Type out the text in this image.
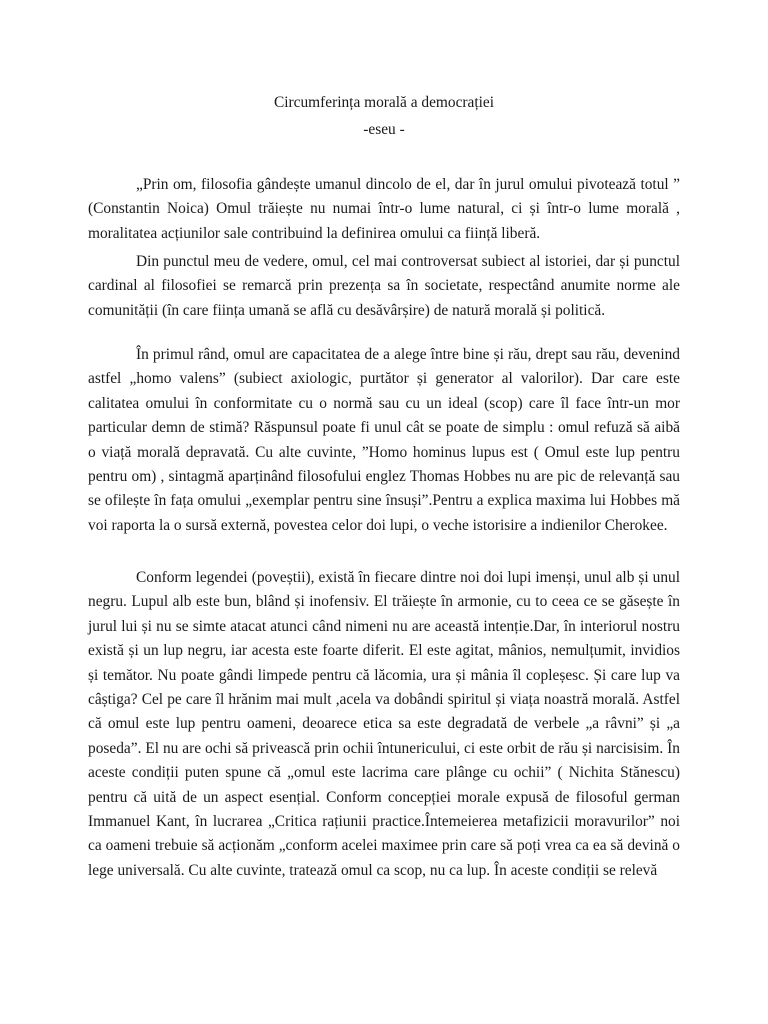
Circumferința morală a democrației
-eseu -

„Prin om, filosofia gândește umanul dincolo de el, dar în jurul omului pivotează totul ” (Constantin Noica) Omul trăiește nu numai într-o lume natural, ci și într-o lume morală , moralitatea acțiunilor sale contribuind la definirea omului ca ființă liberă.

Din punctul meu de vedere, omul, cel mai controversat subiect al istoriei, dar și punctul cardinal al filosofiei se remarcă prin prezența sa în societate, respectând anumite norme ale comunității (în care ființa umană se află cu desăvârșire) de natură morală și politică.

În primul rând, omul are capacitatea de a alege între bine și rău, drept sau rău, devenind astfel „homo valens” (subiect axiologic, purtător și generator al valorilor). Dar care este calitatea omului în conformitate cu o normă sau cu un ideal (scop) care îl face într-un mor particular demn de stimă? Răspunsul poate fi unul cât se poate de simplu : omul refuză să aibă o viață morală depravată. Cu alte cuvinte, ”Homo hominus lupus est ( Omul este lup pentru pentru om) , sintagmă aparținând filosofului englez Thomas Hobbes nu are pic de relevanță sau se ofilește în fața omului „exemplar pentru sine însuși”.Pentru a explica maxima lui Hobbes mă voi raporta la o sursă externă, povestea celor doi lupi, o veche istorisire a indienilor Cherokee.

Conform legendei (poveștii), există în fiecare dintre noi doi lupi imenși, unul alb și unul negru. Lupul alb este bun, blând și inofensiv. El trăiește în armonie, cu to ceea ce se găsește în jurul lui și nu se simte atacat atunci când nimeni nu are această intenție.Dar, în interiorul nostru există și un lup negru, iar acesta este foarte diferit. El este agitat, mânios, nemulțumit, invidios și temător. Nu poate gândi limpede pentru că lăcomia, ura și mânia îl copleșesc. Și care lup va câștiga? Cel pe care îl hrănim mai mult ,acela va dobândi spiritul și viața noastră morală. Astfel că omul este lup pentru oameni, deoarece etica sa este degradată de verbele „a râvni” și „a poseda”. El nu are ochi să privească prin ochii întunericului, ci este orbit de rău și narcisisim. În aceste condiții puten spune că „omul este lacrima care plânge cu ochii” ( Nichita Stănescu) pentru că uită de un aspect esențial. Conform concepției morale expusă de filosoful german Immanuel Kant, în lucrarea „Critica rațiunii practice.Întemeierea metafizicii moravurilor” noi ca oameni trebuie să acționăm „conform acelei maximee prin care să poți vrea ca ea să devină o lege universală. Cu alte cuvinte, tratează omul ca scop, nu ca lup. În aceste condiții se relevă
